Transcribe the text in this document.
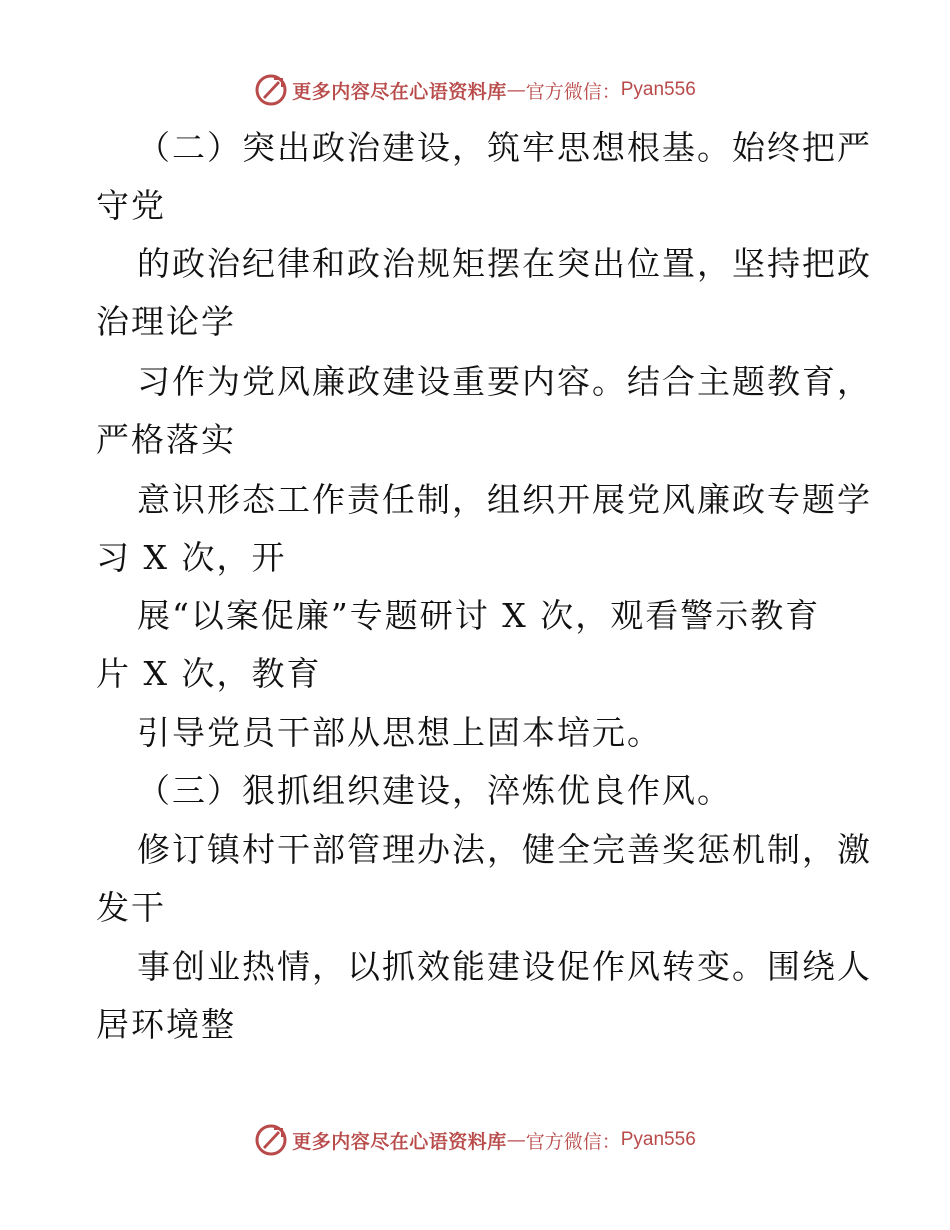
更多内容尽在心语资料库 — 官方微信： Pyan556
（二）突出政治建设，筑牢思想根基。始终把严
守党
的政治纪律和政治规矩摆在突出位置，坚持把政
治理论学
习作为党风廉政建设重要内容。结合主题教育，
严格落实
意识形态工作责任制，组织开展党风廉政专题学
习 X 次，开
展“以案促廉”专题研讨 X 次，观看警示教育
片 X 次，教育
引导党员干部从思想上固本培元。
（三）狠抓组织建设，淬炼优良作风。
修订镇村干部管理办法，健全完善奖惩机制，激
发干
事创业热情，以抓效能建设促作风转变。围绕人
居环境整
更多内容尽在心语资料库 — 官方微信： Pyan556
